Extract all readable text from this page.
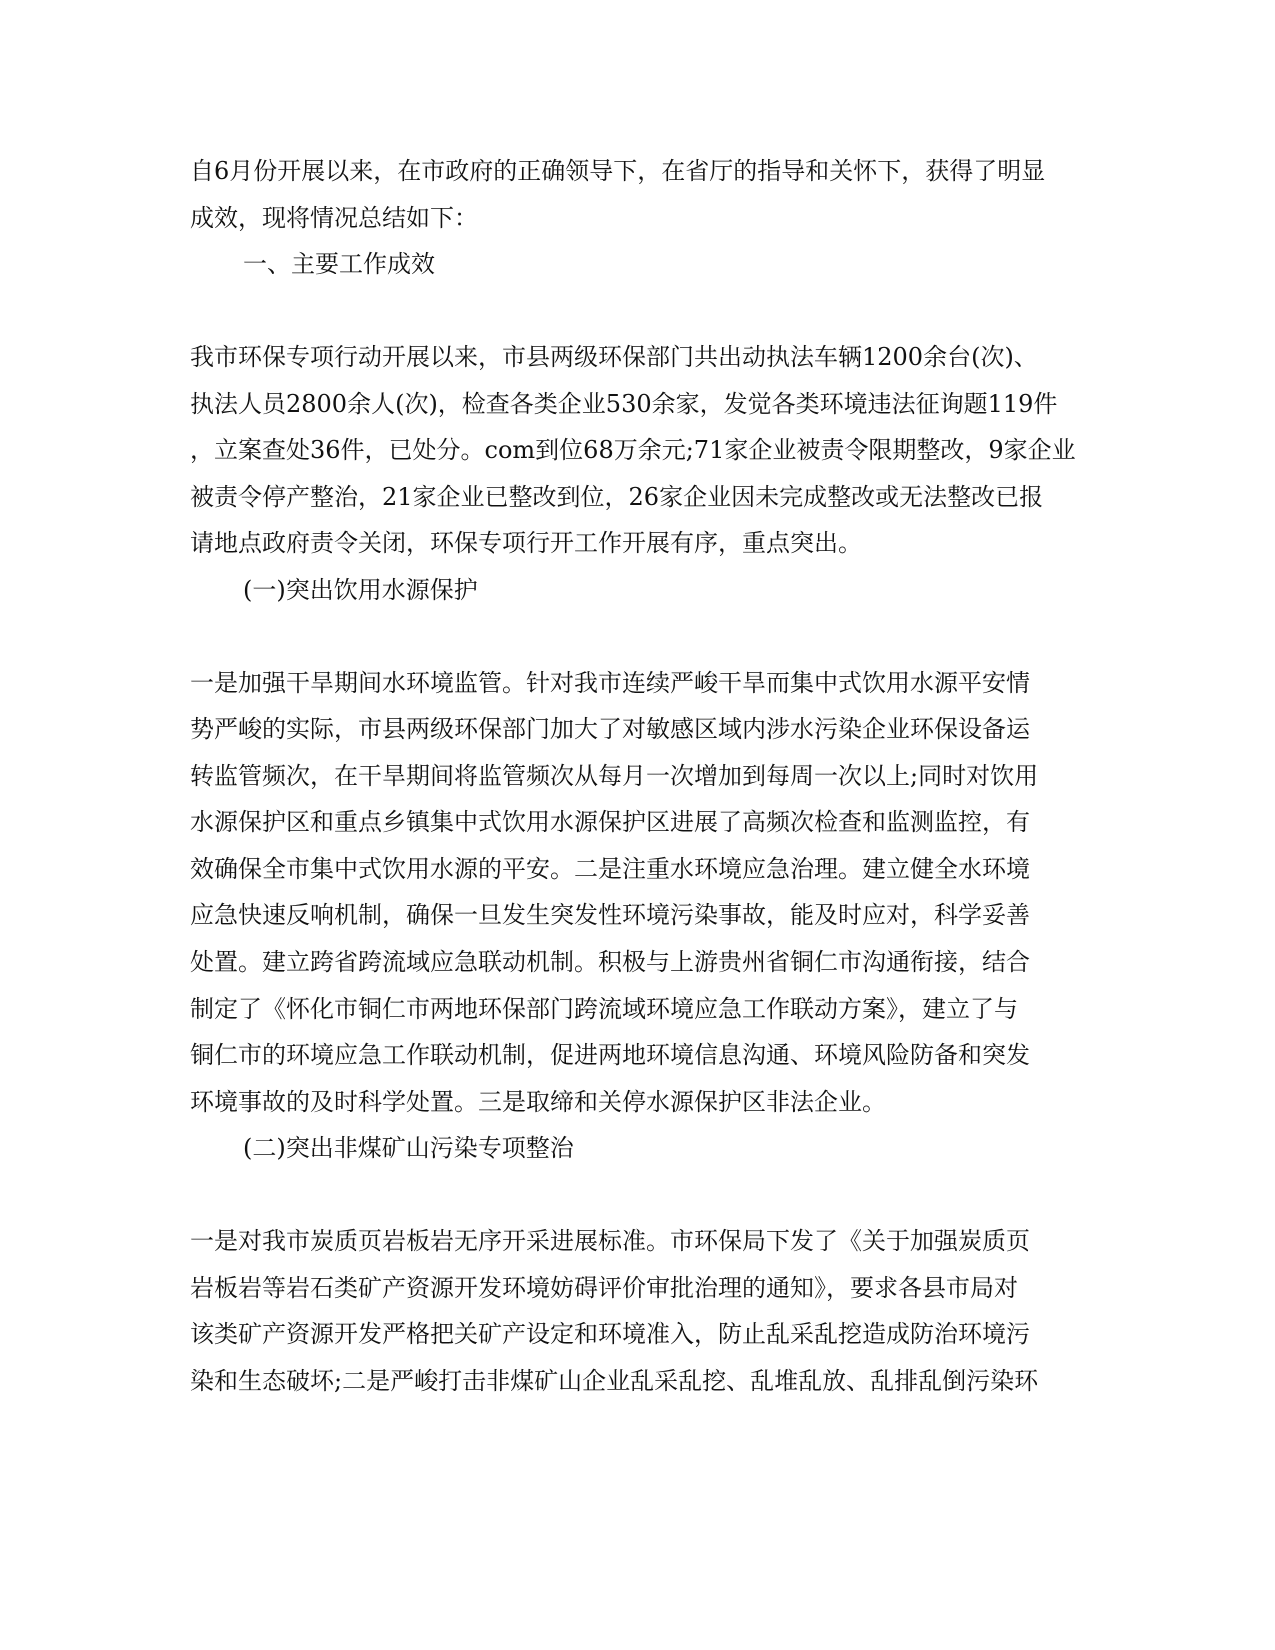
自6月份开展以来，在市政府的正确领导下，在省厅的指导和关怀下，获得了明显
成效，现将情况总结如下：
一、主要工作成效
我市环保专项行动开展以来，市县两级环保部门共出动执法车辆1200余台(次)、
执法人员2800余人(次)，检查各类企业530余家，发觉各类环境违法征询题119件
，立案查处36件，已处分。com到位68万余元;71家企业被责令限期整改，9家企业
被责令停产整治，21家企业已整改到位，26家企业因未完成整改或无法整改已报
请地点政府责令关闭，环保专项行开工作开展有序，重点突出。
(一)突出饮用水源保护
一是加强干旱期间水环境监管。针对我市连续严峻干旱而集中式饮用水源平安情
势严峻的实际，市县两级环保部门加大了对敏感区域内涉水污染企业环保设备运
转监管频次，在干旱期间将监管频次从每月一次增加到每周一次以上;同时对饮用
水源保护区和重点乡镇集中式饮用水源保护区进展了高频次检查和监测监控，有
效确保全市集中式饮用水源的平安。二是注重水环境应急治理。建立健全水环境
应急快速反响机制，确保一旦发生突发性环境污染事故，能及时应对，科学妥善
处置。建立跨省跨流域应急联动机制。积极与上游贵州省铜仁市沟通衔接，结合
制定了《怀化市铜仁市两地环保部门跨流域环境应急工作联动方案》，建立了与
铜仁市的环境应急工作联动机制，促进两地环境信息沟通、环境风险防备和突发
环境事故的及时科学处置。三是取缔和关停水源保护区非法企业。
(二)突出非煤矿山污染专项整治
一是对我市炭质页岩板岩无序开采进展标准。市环保局下发了《关于加强炭质页
岩板岩等岩石类矿产资源开发环境妨碍评价审批治理的通知》，要求各县市局对
该类矿产资源开发严格把关矿产设定和环境准入，防止乱采乱挖造成防治环境污
染和生态破坏;二是严峻打击非煤矿山企业乱采乱挖、乱堆乱放、乱排乱倒污染环
